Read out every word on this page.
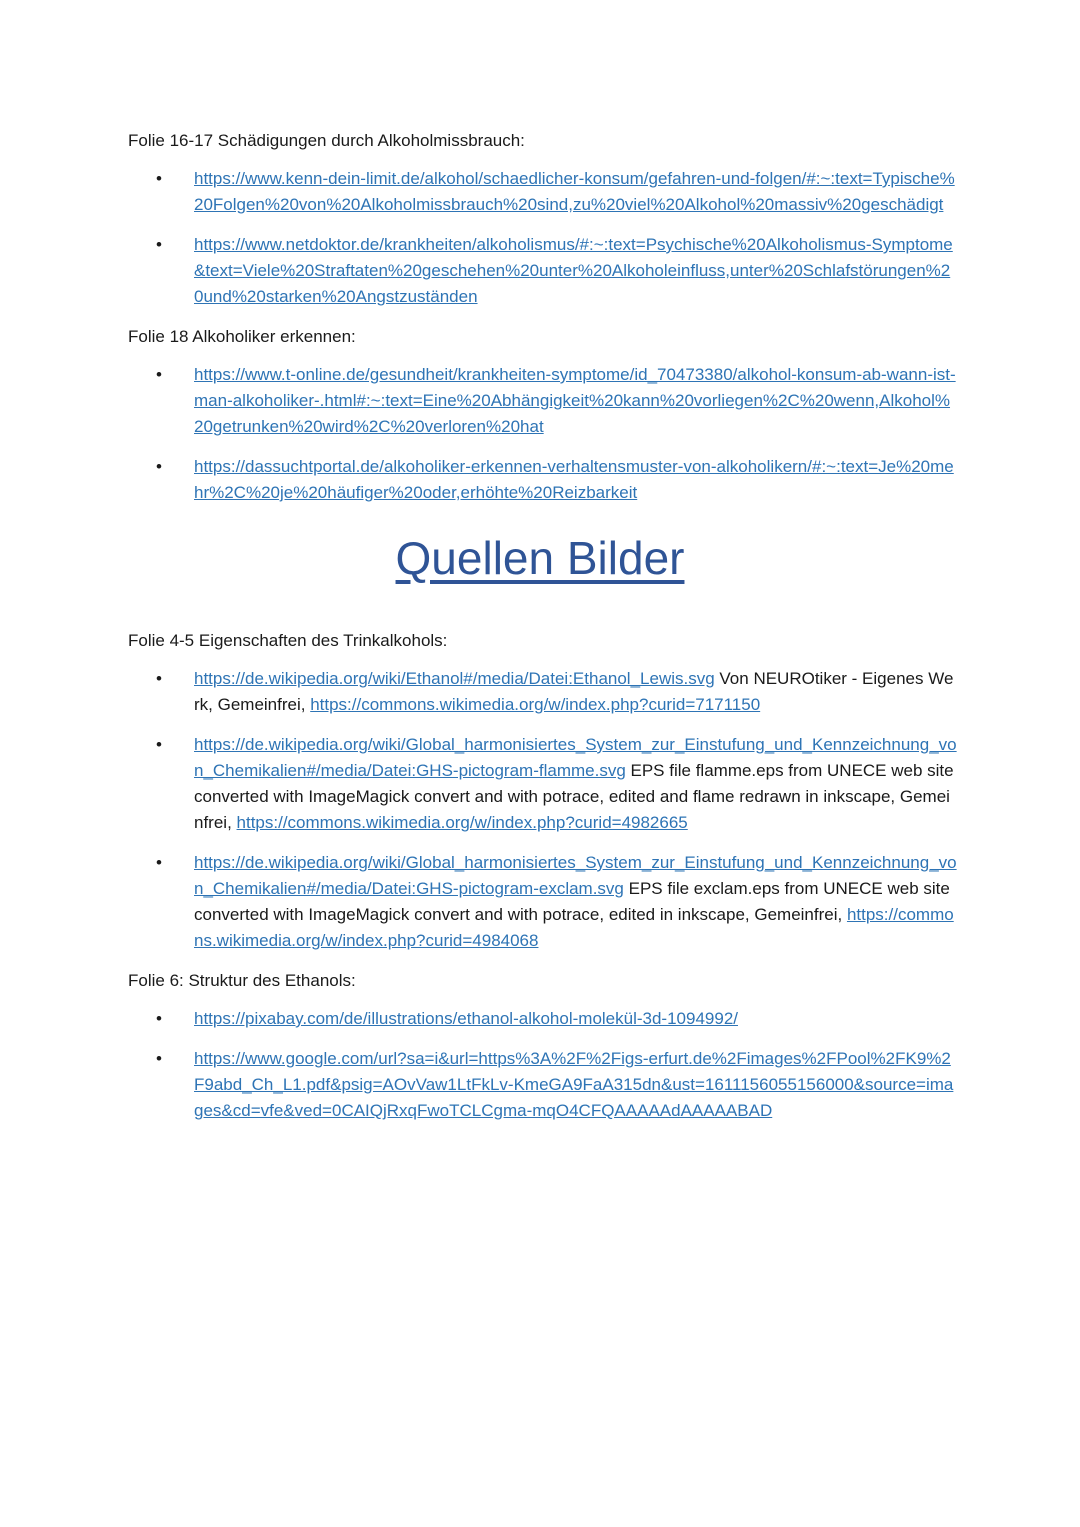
Folie 16-17 Schädigungen durch Alkoholmissbrauch:

• https://www.kenn-dein-limit.de/alkohol/schaedlicher-konsum/gefahren-und-folgen/#:~:text=Typische%20Folgen%20von%20Alkoholmissbrauch%20sind,zu%20viel%20Alkohol%20massiv%20geschädigt
• https://www.netdoktor.de/krankheiten/alkoholismus/#:~:text=Psychische%20Alkoholismus-Symptome&text=Viele%20Straftaten%20geschehen%20unter%20Alkoholeinfluss,unter%20Schlafstörungen%20und%20starken%20Angstzuständen

Folie 18 Alkoholiker erkennen:

• https://www.t-online.de/gesundheit/krankheiten-symptome/id_70473380/alkohol-konsum-ab-wann-ist-man-alkoholiker-.html#:~:text=Eine%20Abhängigkeit%20kann%20vorliegen%2C%20wenn,Alkohol%20getrunken%20wird%2C%20verloren%20hat
• https://dassuchtportal.de/alkoholiker-erkennen-verhaltensmuster-von-alkoholikern/#:~:text=Je%20mehr%2C%20je%20häufiger%20oder,erhöhte%20Reizbarkeit
Quellen Bilder

Folie 4-5 Eigenschaften des Trinkalkohols:

• https://de.wikipedia.org/wiki/Ethanol#/media/Datei:Ethanol_Lewis.svg Von NEUROtiker - Eigenes Werk, Gemeinfrei, https://commons.wikimedia.org/w/index.php?curid=7171150
• https://de.wikipedia.org/wiki/Global_harmonisiertes_System_zur_Einstufung_und_Kennzeichnung_von_Chemikalien#/media/Datei:GHS-pictogram-flamme.svg EPS file flamme.eps from UNECE web site converted with ImageMagick convert and with potrace, edited and flame redrawn in inkscape, Gemeinfrei, https://commons.wikimedia.org/w/index.php?curid=4982665
• https://de.wikipedia.org/wiki/Global_harmonisiertes_System_zur_Einstufung_und_Kennzeichnung_von_Chemikalien#/media/Datei:GHS-pictogram-exclam.svg EPS file exclam.eps from UNECE web site converted with ImageMagick convert and with potrace, edited in inkscape, Gemeinfrei, https://commons.wikimedia.org/w/index.php?curid=4984068

Folie 6: Struktur des Ethanols:

• https://pixabay.com/de/illustrations/ethanol-alkohol-molekül-3d-1094992/
• https://www.google.com/url?sa=i&url=https%3A%2F%2Figs-erfurt.de%2Fimages%2FPool%2FK9%2F9abd_Ch_L1.pdf&psig=AOvVaw1LtFkLv-KmeGA9FaA315dn&ust=1611156055156000&source=images&cd=vfe&ved=0CAIQjRxqFwoTCLCgma-mqO4CFQAAAAAdAAAAABAD
